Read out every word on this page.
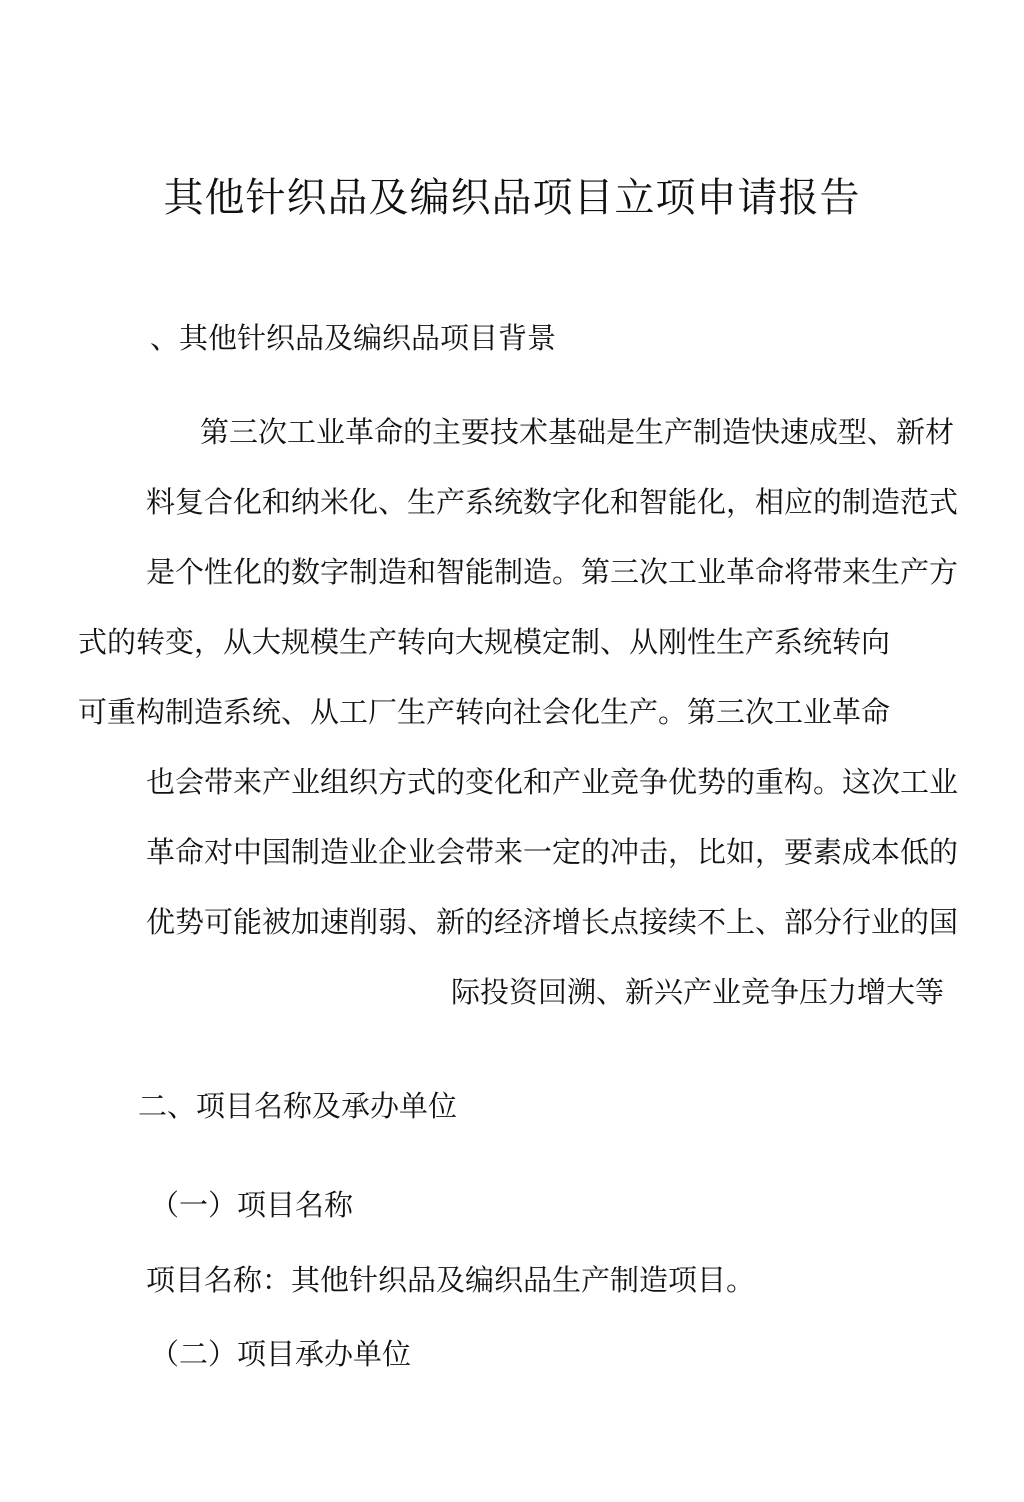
其他针织品及编织品项目立项申请报告
、其他针织品及编织品项目背景
第三次工业革命的主要技术基础是生产制造快速成型、新材
料复合化和纳米化、生产系统数字化和智能化，相应的制造范式
是个性化的数字制造和智能制造。第三次工业革命将带来生产方
式的转变，从大规模生产转向大规模定制、从刚性生产系统转向
可重构制造系统、从工厂生产转向社会化生产。第三次工业革命
也会带来产业组织方式的变化和产业竞争优势的重构。这次工业
革命对中国制造业企业会带来一定的冲击，比如，要素成本低的
优势可能被加速削弱、新的经济增长点接续不上、部分行业的国
际投资回溯、新兴产业竞争压力增大等
二、项目名称及承办单位
（一）项目名称
项目名称：其他针织品及编织品生产制造项目。
（二）项目承办单位
